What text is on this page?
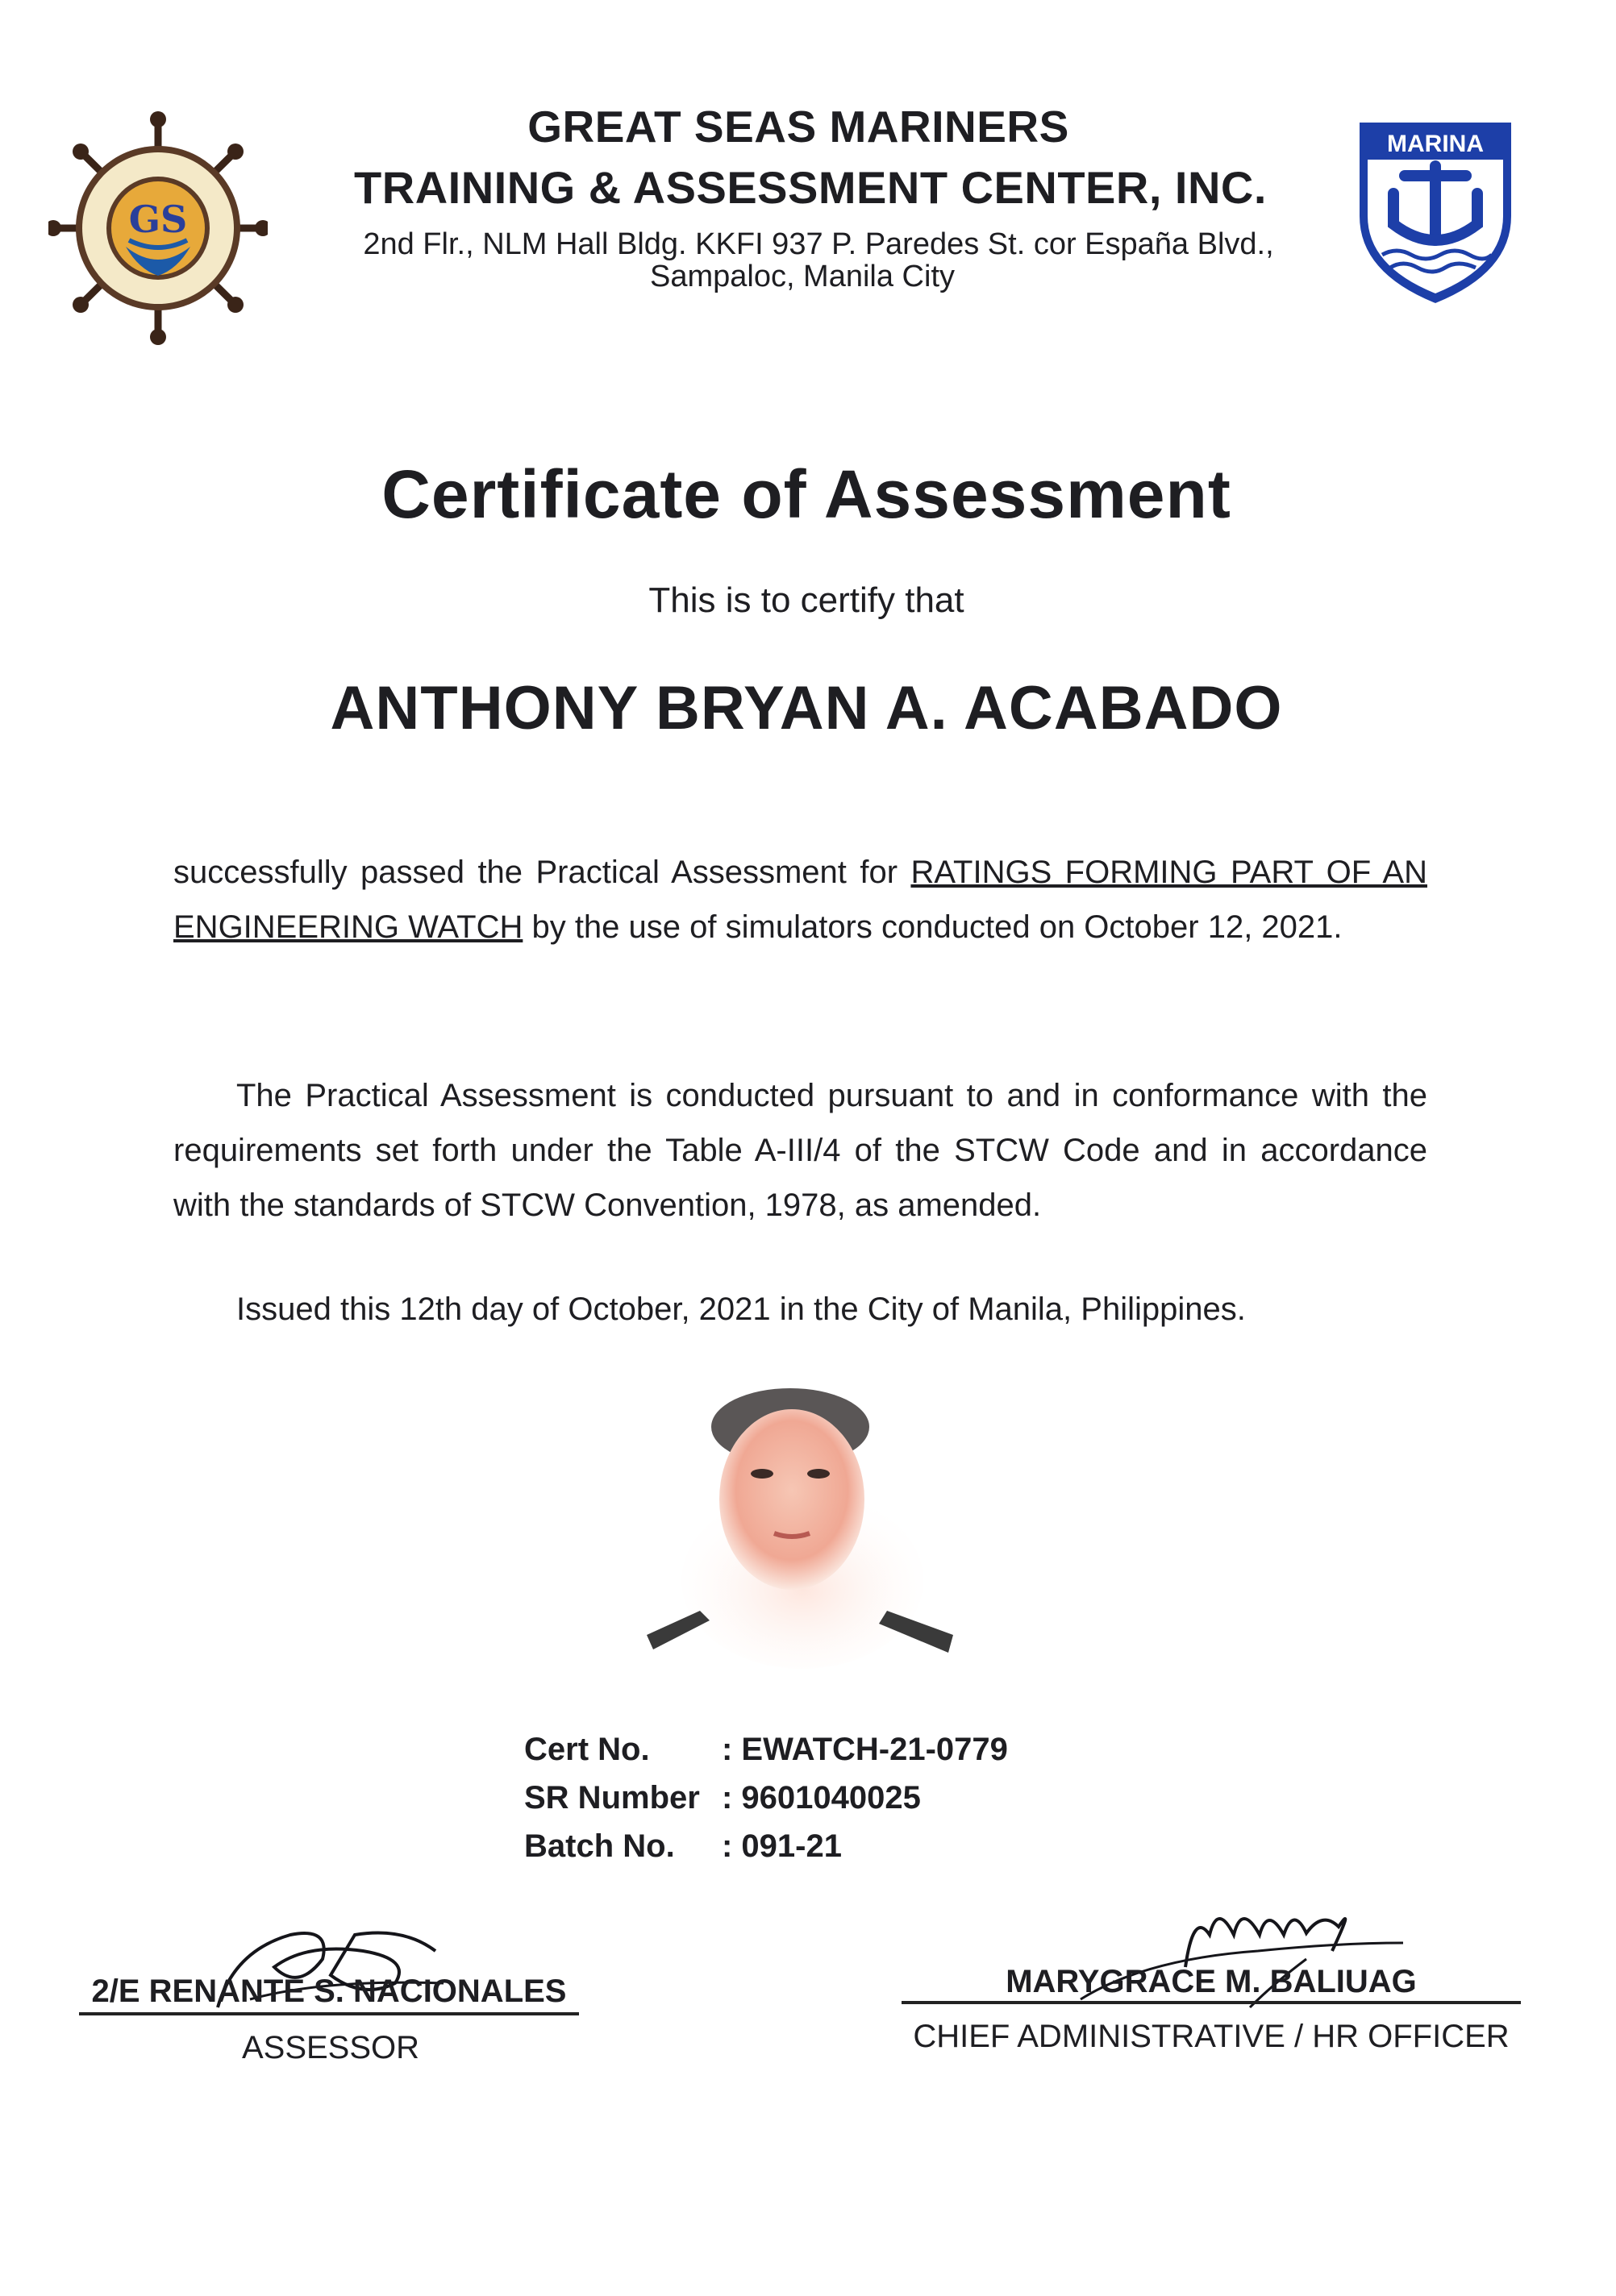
GS
MARINA
GREAT SEAS MARINERS
TRAINING & ASSESSMENT CENTER, INC.
2nd Flr., NLM Hall Bldg. KKFI 937 P. Paredes St. cor España Blvd.,
Sampaloc, Manila City
Certificate of Assessment
This is to certify that
ANTHONY BRYAN A. ACABADO
successfully passed the Practical Assessment for RATINGS FORMING PART OF AN ENGINEERING WATCH by the use of simulators conducted on October 12, 2021.
The Practical Assessment is conducted pursuant to and in conformance with the requirements set forth under the Table A-III/4 of the STCW Code and in accordance with the standards of STCW Convention, 1978, as amended.
Issued this 12th day of October, 2021 in the City of Manila, Philippines.
Cert No.	: EWATCH-21-0779
SR Number : 9601040025
Batch No.	: 091-21
2/E RENANTE S. NACIONALES
ASSESSOR
MARYGRACE M. BALIUAG
CHIEF ADMINISTRATIVE / HR OFFICER
